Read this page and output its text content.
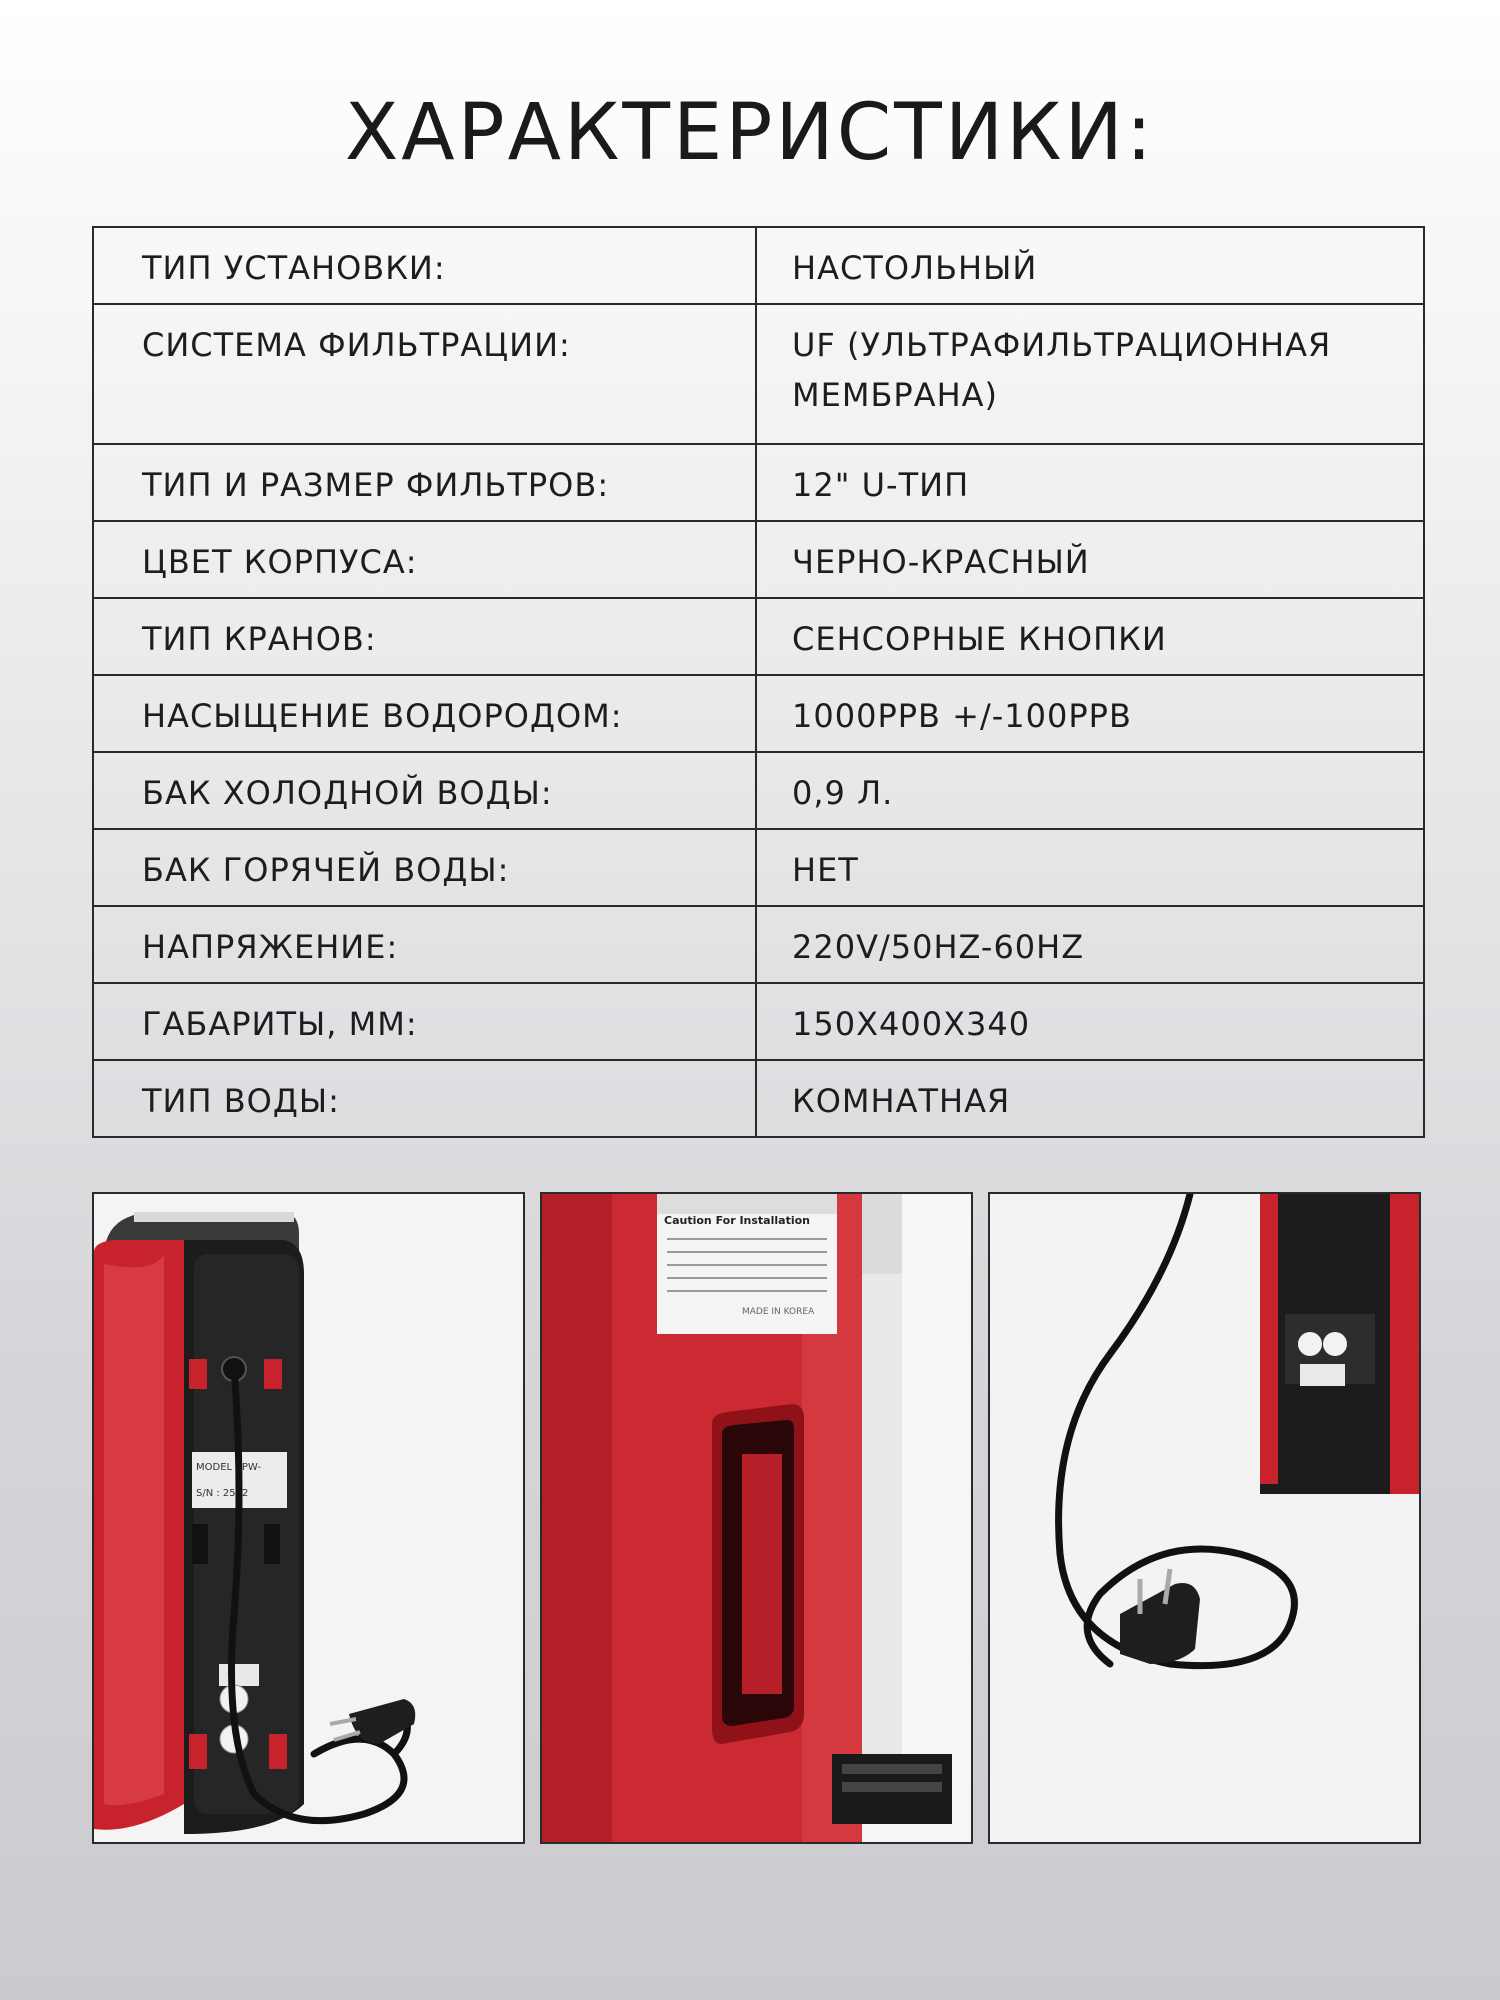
ХАРАКТЕРИСТИКИ:
ТИП УСТАНОВКИ:	НАСТОЛЬНЫЙ
СИСТЕМА ФИЛЬТРАЦИИ:	UF (УЛЬТРАФИЛЬТРАЦИОННАЯ МЕМБРАНА)
ТИП И РАЗМЕР ФИЛЬТРОВ:	12" U-ТИП
ЦВЕТ КОРПУСА:	ЧЕРНО-КРАСНЫЙ
ТИП КРАНОВ:	СЕНСОРНЫЕ КНОПКИ
НАСЫЩЕНИЕ ВОДОРОДОМ:	1000PPB +/-100PPB
БАК ХОЛОДНОЙ ВОДЫ:	0,9 Л.
БАК ГОРЯЧЕЙ ВОДЫ:	НЕТ
НАПРЯЖЕНИЕ:	220V/50HZ-60HZ
ГАБАРИТЫ, ММ:	150X400X340
ТИП ВОДЫ:	КОМНАТНАЯ
MODEL : PW-
S/N : 2502
Caution For Installation
MADE IN KOREA
